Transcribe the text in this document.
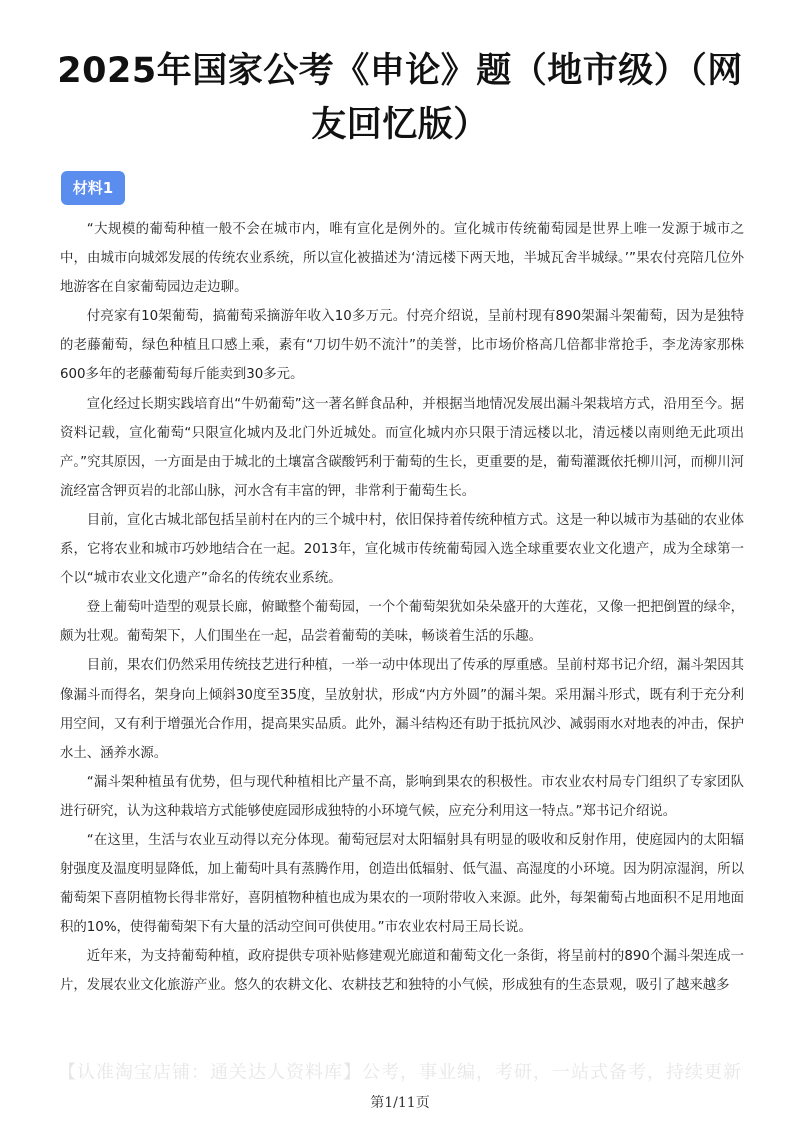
2025年国家公考《申论》题（地市级）（网友回忆版）
材料1

“大规模的葡萄种植一般不会在城市内，唯有宣化是例外的。宣化城市传统葡萄园是世界上唯一发源于城市之中，由城市向城郊发展的传统农业系统，所以宣化被描述为‘清远楼下两天地，半城瓦舍半城绿。’”果农付亮陪几位外地游客在自家葡萄园边走边聊。

付亮家有10架葡萄，搞葡萄采摘游年收入10多万元。付亮介绍说，呈前村现有890架漏斗架葡萄，因为是独特的老藤葡萄，绿色种植且口感上乘，素有“刀切牛奶不流汁”的美誉，比市场价格高几倍都非常抢手，李龙涛家那株600多年的老藤葡萄每斤能卖到30多元。

宣化经过长期实践培育出“牛奶葡萄”这一著名鲜食品种，并根据当地情况发展出漏斗架栽培方式，沿用至今。据资料记载，宣化葡萄“只限宣化城内及北门外近城处。而宣化城内亦只限于清远楼以北，清远楼以南则绝无此项出产。”究其原因，一方面是由于城北的土壤富含碳酸钙利于葡萄的生长，更重要的是，葡萄灌溉依托柳川河，而柳川河流经富含钾页岩的北部山脉，河水含有丰富的钾，非常利于葡萄生长。

目前，宣化古城北部包括呈前村在内的三个城中村，依旧保持着传统种植方式。这是一种以城市为基础的农业体系，它将农业和城市巧妙地结合在一起。2013年，宣化城市传统葡萄园入选全球重要农业文化遗产，成为全球第一个以“城市农业文化遗产”命名的传统农业系统。

登上葡萄叶造型的观景长廊，俯瞰整个葡萄园，一个个葡萄架犹如朵朵盛开的大莲花，又像一把把倒置的绿伞，颇为壮观。葡萄架下，人们围坐在一起，品尝着葡萄的美味，畅谈着生活的乐趣。

目前，果农们仍然采用传统技艺进行种植，一举一动中体现出了传承的厚重感。呈前村郑书记介绍，漏斗架因其像漏斗而得名，架身向上倾斜30度至35度，呈放射状，形成“内方外圆”的漏斗架。采用漏斗形式，既有利于充分利用空间，又有利于增强光合作用，提高果实品质。此外，漏斗结构还有助于抵抗风沙、减弱雨水对地表的冲击，保护水土、涵养水源。

“漏斗架种植虽有优势，但与现代种植相比产量不高，影响到果农的积极性。市农业农村局专门组织了专家团队进行研究，认为这种栽培方式能够使庭园形成独特的小环境气候，应充分利用这一特点。”郑书记介绍说。

“在这里，生活与农业互动得以充分体现。葡萄冠层对太阳辐射具有明显的吸收和反射作用，使庭园内的太阳辐射强度及温度明显降低，加上葡萄叶具有蒸腾作用，创造出低辐射、低气温、高湿度的小环境。因为阴凉湿润，所以葡萄架下喜阴植物长得非常好，喜阴植物种植也成为果农的一项附带收入来源。此外，每架葡萄占地面积不足用地面积的10%，使得葡萄架下有大量的活动空间可供使用。”市农业农村局王局长说。

近年来，为支持葡萄种植，政府提供专项补贴修建观光廊道和葡萄文化一条街，将呈前村的890个漏斗架连成一片，发展农业文化旅游产业。悠久的农耕文化、农耕技艺和独特的小气候，形成独有的生态景观，吸引了越来越多

【认准淘宝店铺：通关达人资料库】公考，事业编，考研，一站式备考，持续更新
第1/11页
